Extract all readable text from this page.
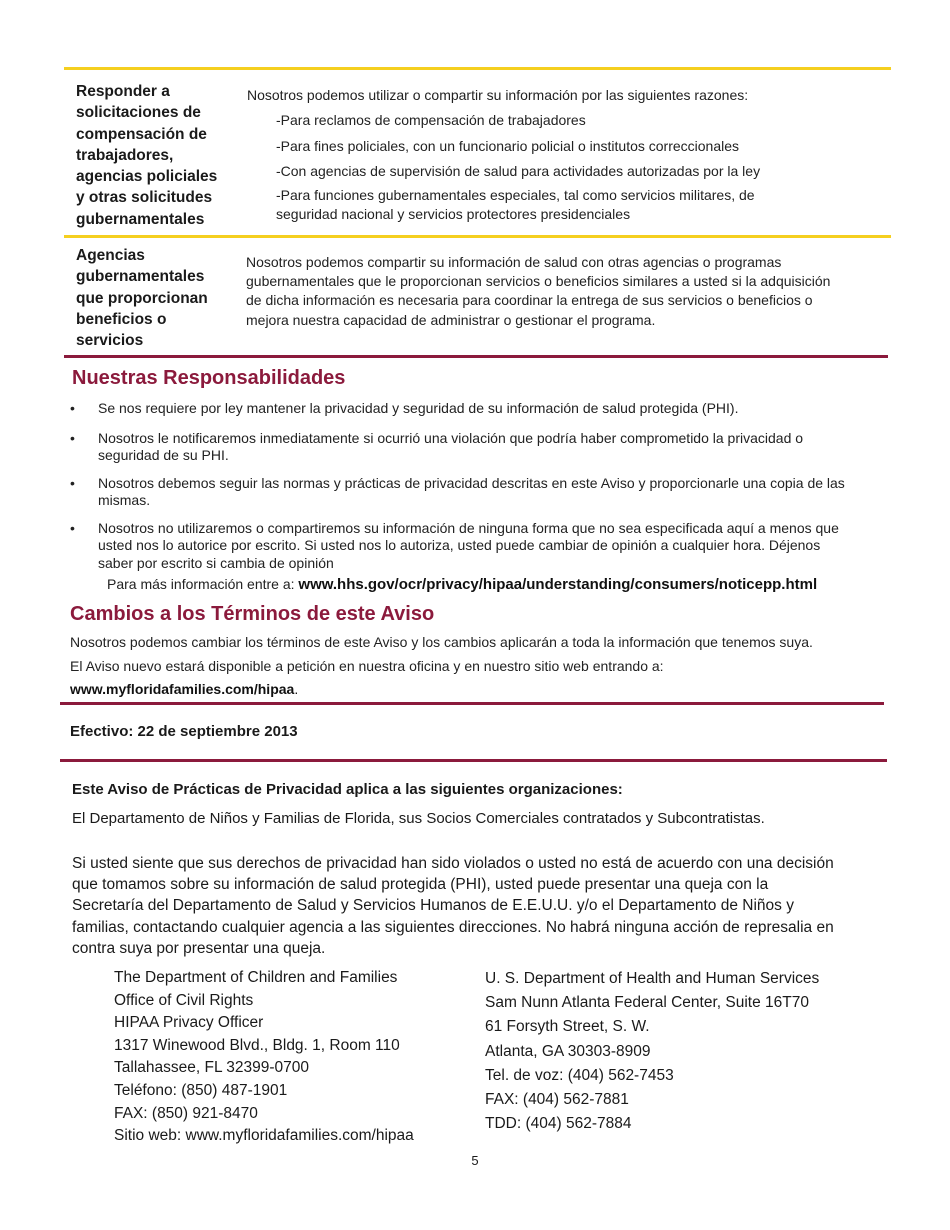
Responder a
solicitaciones de
compensación de
trabajadores,
agencias policiales
y otras solicitudes
gubernamentales
Nosotros podemos utilizar o compartir su información por las siguientes razones:
-Para reclamos de compensación de trabajadores
-Para fines policiales, con un funcionario policial o institutos correccionales
-Con agencias de supervisión de salud para actividades autorizadas por la ley
-Para funciones gubernamentales especiales, tal como servicios militares, de
seguridad nacional y servicios protectores presidenciales
Agencias
gubernamentales
que proporcionan
beneficios o
servicios

Nosotros podemos compartir su información de salud con otras agencias o programas

gubernamentales que le proporcionan servicios o beneficios similares a usted si la adquisición

de dicha información es necesaria para coordinar la entrega de sus servicios o beneficios o

mejora nuestra capacidad de administrar o gestionar el programa.

Nuestras Responsabilidades
• Se nos requiere por ley mantener la privacidad y seguridad de su información de salud protegida (PHI).
• Nosotros le notificaremos inmediatamente si ocurrió una violación que podría haber comprometido la privacidad o
seguridad de su PHI.
• Nosotros debemos seguir las normas y prácticas de privacidad descritas en este Aviso y proporcionarle una copia de las
mismas.
• Nosotros no utilizaremos o compartiremos su información de ninguna forma que no sea especificada aquí a menos que
usted nos lo autorice por escrito. Si usted nos lo autoriza, usted puede cambiar de opinión a cualquier hora. Déjenos
saber por escrito si cambia de opinión
Para más información entre a: www.hhs.gov/ocr/privacy/hipaa/understanding/consumers/noticepp.html
Cambios a los Términos de este Aviso
Nosotros podemos cambiar los términos de este Aviso y los cambios aplicarán a toda la información que tenemos suya.
El Aviso nuevo estará disponible a petición en nuestra oficina y en nuestro sitio web entrando a:
www.myfloridafamilies.com/hipaa.
Efectivo: 22 de septiembre 2013
Este Aviso de Prácticas de Privacidad aplica a las siguientes organizaciones:
El Departamento de Niños y Familias de Florida, sus Socios Comerciales contratados y Subcontratistas.
Si usted siente que sus derechos de privacidad han sido violados o usted no está de acuerdo con una decisión
que tomamos sobre su información de salud protegida (PHI), usted puede presentar una queja con la
Secretaría del Departamento de Salud y Servicios Humanos de E.E.U.U. y/o el Departamento de Niños y
familias, contactando cualquier agencia a las siguientes direcciones. No habrá ninguna acción de represalia en
contra suya por presentar una queja.
The Department of Children and Families
Office of Civil Rights
HIPAA Privacy Officer
1317 Winewood Blvd., Bldg. 1, Room 110
Tallahassee, FL 32399-0700
Teléfono: (850) 487-1901
FAX: (850) 921-8470
Sitio web: www.myfloridafamilies.com/hipaa
U. S. Department of Health and Human Services
Sam Nunn Atlanta Federal Center, Suite 16T70
61 Forsyth Street, S. W.
Atlanta, GA 30303-8909
Tel. de voz: (404) 562-7453
FAX: (404) 562-7881
TDD: (404) 562-7884
5
